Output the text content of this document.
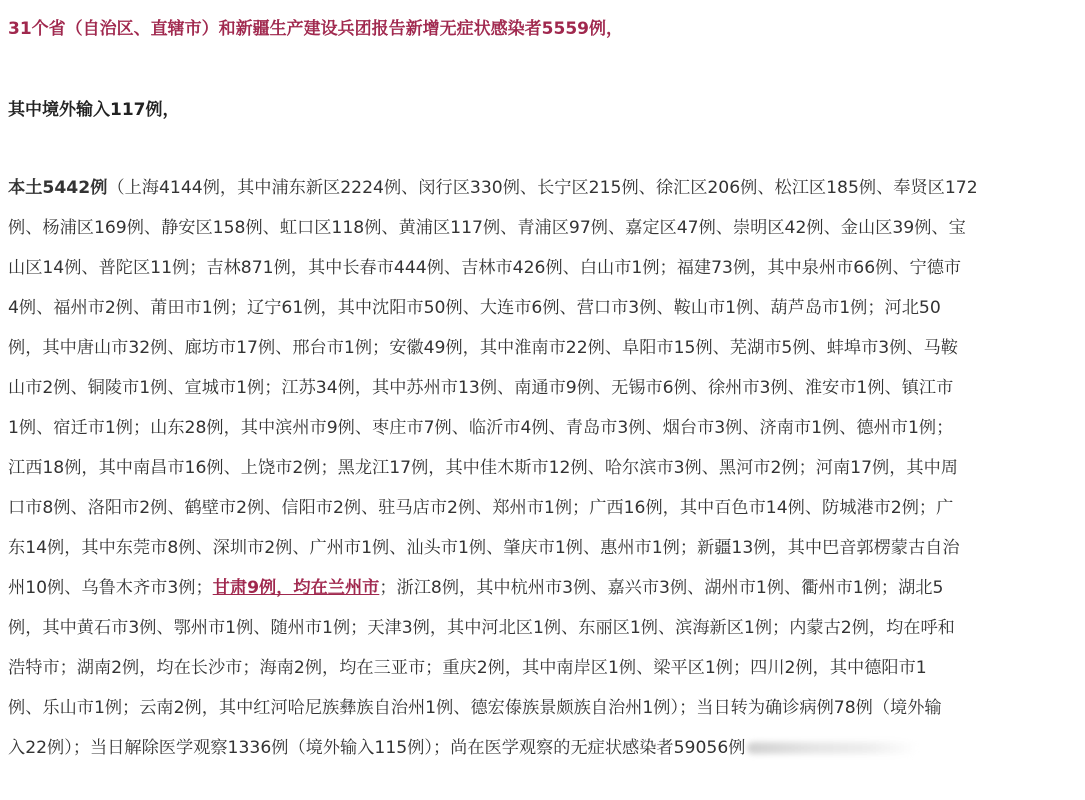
31个省（自治区、直辖市）和新疆生产建设兵团报告新增无症状感染者5559例，
其中境外输入117例，
本土5442例（上海4144例，其中浦东新区2224例、闵行区330例、长宁区215例、徐汇区206例、松江区185例、奉贤区172
例、杨浦区169例、静安区158例、虹口区118例、黄浦区117例、青浦区97例、嘉定区47例、崇明区42例、金山区39例、宝
山区14例、普陀区11例；吉林871例，其中长春市444例、吉林市426例、白山市1例；福建73例，其中泉州市66例、宁德市
4例、福州市2例、莆田市1例；辽宁61例，其中沈阳市50例、大连市6例、营口市3例、鞍山市1例、葫芦岛市1例；河北50
例，其中唐山市32例、廊坊市17例、邢台市1例；安徽49例，其中淮南市22例、阜阳市15例、芜湖市5例、蚌埠市3例、马鞍
山市2例、铜陵市1例、宣城市1例；江苏34例，其中苏州市13例、南通市9例、无锡市6例、徐州市3例、淮安市1例、镇江市
1例、宿迁市1例；山东28例，其中滨州市9例、枣庄市7例、临沂市4例、青岛市3例、烟台市3例、济南市1例、德州市1例；
江西18例，其中南昌市16例、上饶市2例；黑龙江17例，其中佳木斯市12例、哈尔滨市3例、黑河市2例；河南17例，其中周
口市8例、洛阳市2例、鹤壁市2例、信阳市2例、驻马店市2例、郑州市1例；广西16例，其中百色市14例、防城港市2例；广
东14例，其中东莞市8例、深圳市2例、广州市1例、汕头市1例、肇庆市1例、惠州市1例；新疆13例，其中巴音郭楞蒙古自治
州10例、乌鲁木齐市3例；甘肃9例，均在兰州市；浙江8例，其中杭州市3例、嘉兴市3例、湖州市1例、衢州市1例；湖北5
例，其中黄石市3例、鄂州市1例、随州市1例；天津3例，其中河北区1例、东丽区1例、滨海新区1例；内蒙古2例，均在呼和
浩特市；湖南2例，均在长沙市；海南2例，均在三亚市；重庆2例，其中南岸区1例、梁平区1例；四川2例，其中德阳市1
例、乐山市1例；云南2例，其中红河哈尼族彝族自治州1例、德宏傣族景颇族自治州1例）；当日转为确诊病例78例（境外输
入22例）；当日解除医学观察1336例（境外输入115例）；尚在医学观察的无症状感染者59056例
